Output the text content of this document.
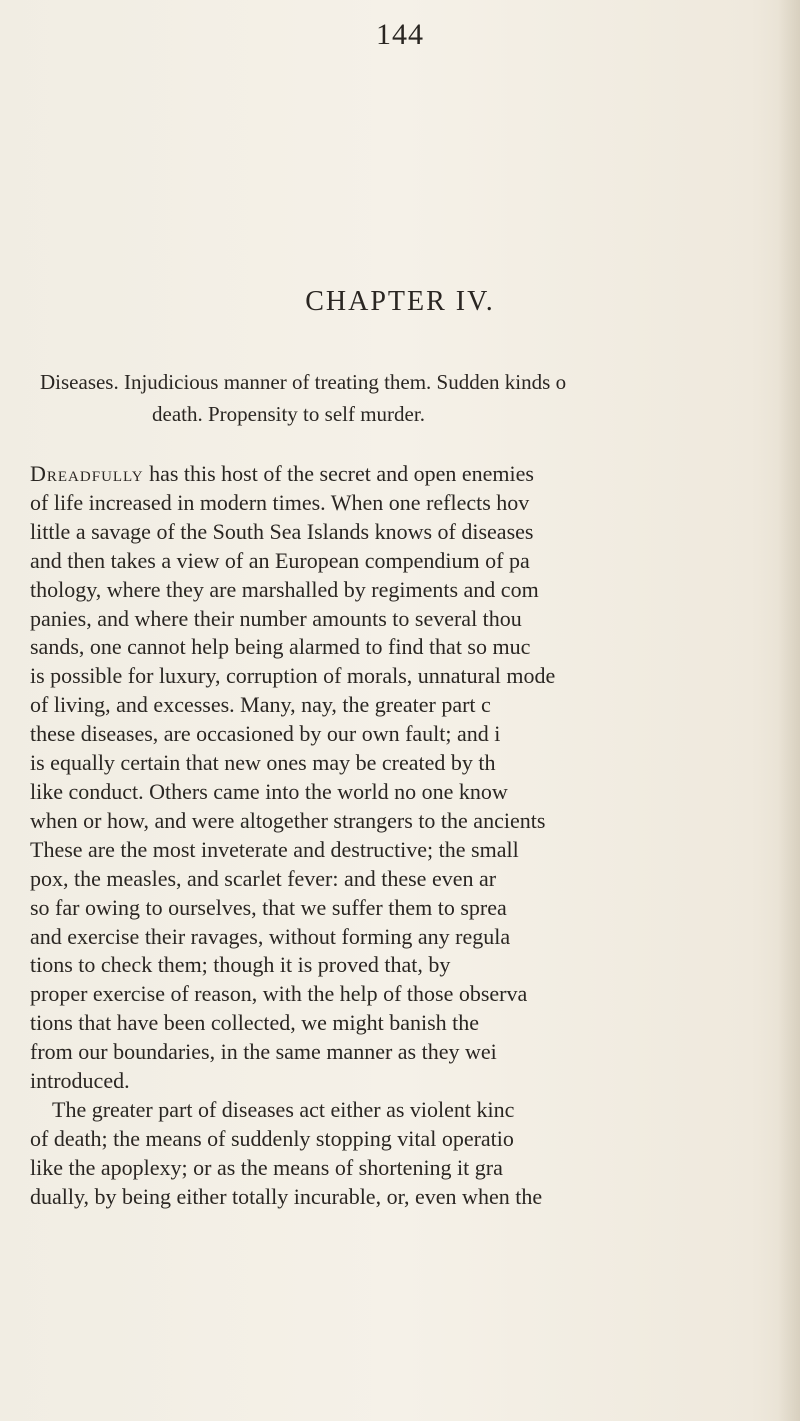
144
CHAPTER IV.
Diseases. Injudicious manner of treating them. Sudden kinds o
death. Propensity to self murder.
Dreadfully has this host of the secret and open enemies
of life increased in modern times. When one reflects hov
little a savage of the South Sea Islands knows of diseases
and then takes a view of an European compendium of pa
thology, where they are marshalled by regiments and com
panies, and where their number amounts to several thou
sands, one cannot help being alarmed to find that so muc
is possible for luxury, corruption of morals, unnatural mode
of living, and excesses. Many, nay, the greater part c
these diseases, are occasioned by our own fault; and i
is equally certain that new ones may be created by th
like conduct. Others came into the world no one know
when or how, and were altogether strangers to the ancients
These are the most inveterate and destructive; the small
pox, the measles, and scarlet fever: and these even ar
so far owing to ourselves, that we suffer them to sprea
and exercise their ravages, without forming any regula
tions to check them; though it is proved that, by
proper exercise of reason, with the help of those observa
tions that have been collected, we might banish the
from our boundaries, in the same manner as they wei
introduced.
The greater part of diseases act either as violent kinc
of death; the means of suddenly stopping vital operatio
like the apoplexy; or as the means of shortening it gra
dually, by being either totally incurable, or, even when the
